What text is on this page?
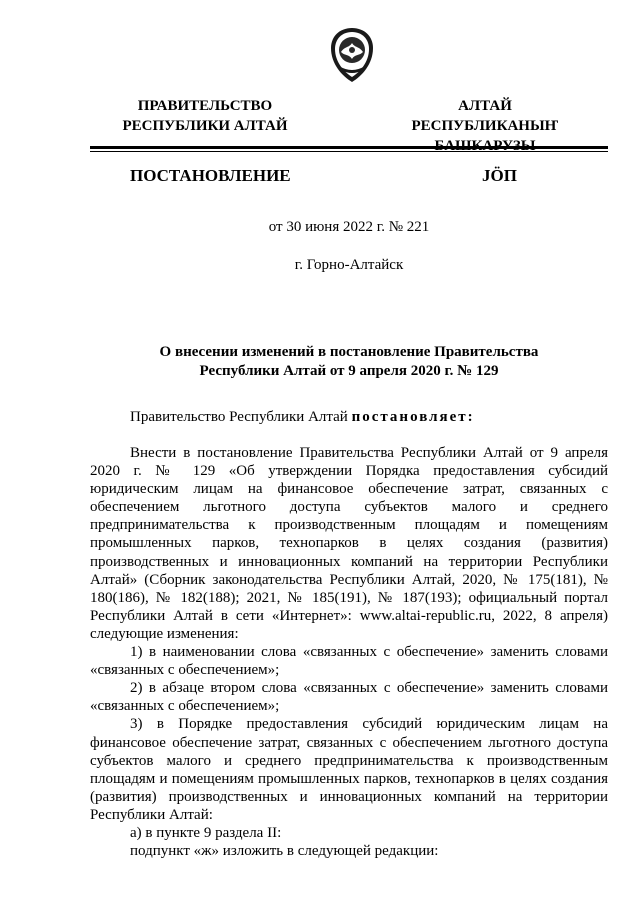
ПРАВИТЕЛЬСТВО
РЕСПУБЛИКИ АЛТАЙ
АЛТАЙ РЕСПУБЛИКАНЫҤ
ПОСТАНОВЛЕНИЕ	JÖП
от 30 июня 2022 г. № 221
г. Горно-Алтайск
О внесении изменений в постановление Правительства
Республики Алтай от 9 апреля 2020 г. № 129
Правительство Республики Алтай постановляет:

Внести в постановление Правительства Республики Алтай от 9 апреля 2020 г. № 129 «Об утверждении Порядка предоставления субсидий юридическим лицам на финансовое обеспечение затрат, связанных с обеспечением льготного доступа субъектов малого и среднего предпринимательства к производственным площадям и помещениям промышленных парков, технопарков в целях создания (развития) производственных и инновационных компаний на территории Республики Алтай» (Сборник законодательства Республики Алтай, 2020, № 175(181), № 180(186), № 182(188); 2021, № 185(191), № 187(193); официальный портал Республики Алтай в сети «Интернет»: www.altai-republic.ru, 2022, 8 апреля) следующие изменения:

1) в наименовании слова «связанных с обеспечение» заменить словами «связанных с обеспечением»;

2) в абзаце втором слова «связанных с обеспечение» заменить словами «связанных с обеспечением»;

3) в Порядке предоставления субсидий юридическим лицам на финансовое обеспечение затрат, связанных с обеспечением льготного доступа субъектов малого и среднего предпринимательства к производственным площадям и помещениям промышленных парков, технопарков в целях создания (развития) производственных и инновационных компаний на территории Республики Алтай:

а) в пункте 9 раздела II:

подпункт «ж» изложить в следующей редакции:
